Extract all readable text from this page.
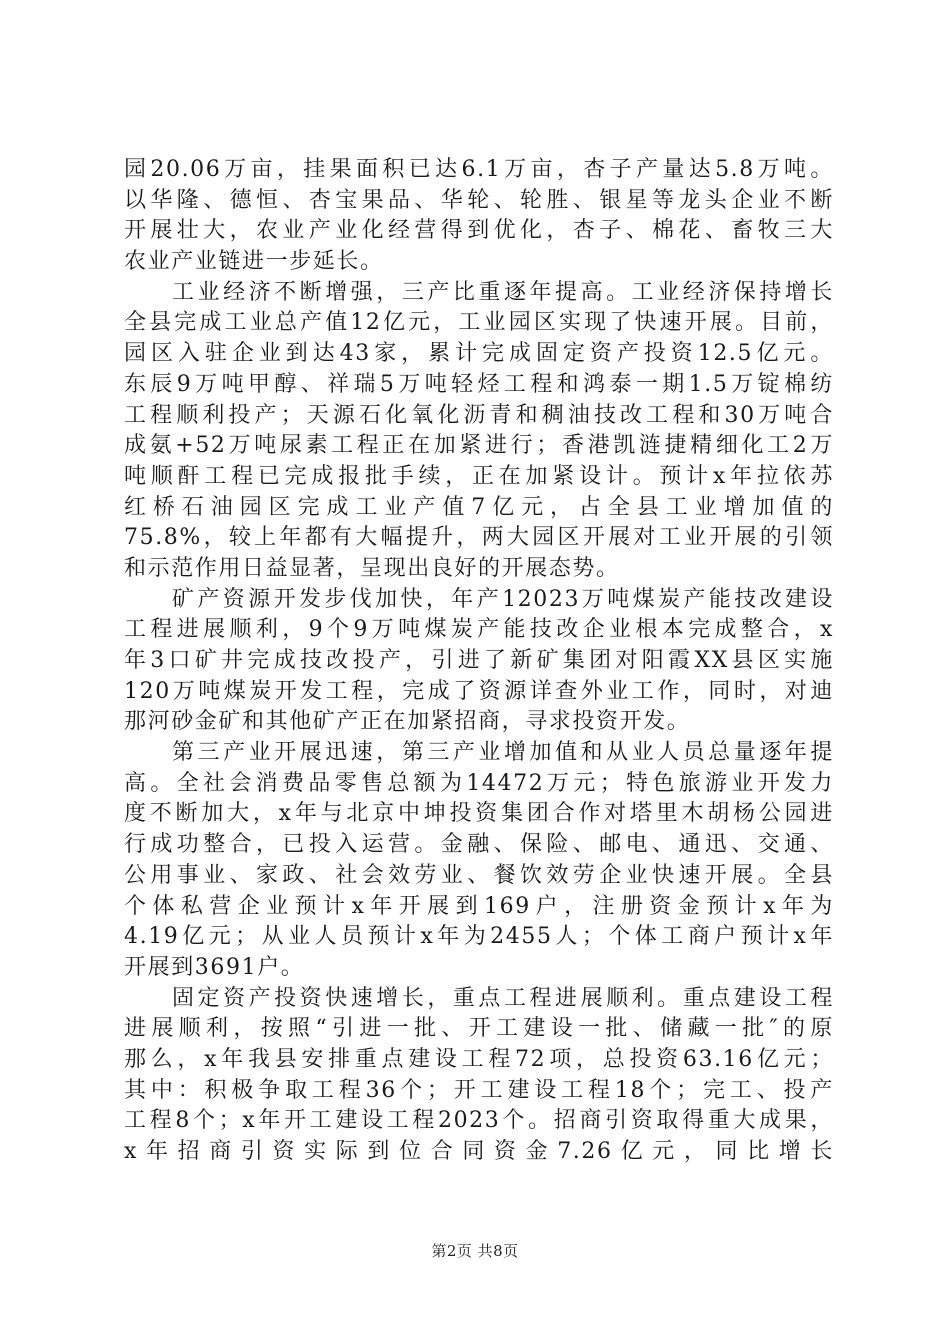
园20.06万亩，挂果面积已达6.1万亩，杏子产量达5.8万吨。
以华隆、德恒、杏宝果品、华轮、轮胜、银星等龙头企业不断
开展壮大，农业产业化经营得到优化，杏子、棉花、畜牧三大
农业产业链进一步延长。
工业经济不断增强，三产比重逐年提高。工业经济保持增长
全县完成工业总产值12亿元，工业园区实现了快速开展。目前，
园区入驻企业到达43家，累计完成固定资产投资12.5亿元。
东辰9万吨甲醇、祥瑞5万吨轻烃工程和鸿泰一期1.5万锭棉纺
工程顺利投产；天源石化氧化沥青和稠油技改工程和30万吨合
成氨+52万吨尿素工程正在加紧进行；香港凯涟捷精细化工2万
吨顺酐工程已完成报批手续，正在加紧设计。预计x年拉依苏
红桥石油园区完成工业产值7亿元，占全县工业增加值的
75.8%，较上年都有大幅提升，两大园区开展对工业开展的引领
和示范作用日益显著，呈现出良好的开展态势。
矿产资源开发步伐加快，年产12023万吨煤炭产能技改建设
工程进展顺利，9个9万吨煤炭产能技改企业根本完成整合，x
年3口矿井完成技改投产，引进了新矿集团对阳霞XX县区实施
120万吨煤炭开发工程，完成了资源详查外业工作，同时，对迪
那河砂金矿和其他矿产正在加紧招商，寻求投资开发。
第三产业开展迅速，第三产业增加值和从业人员总量逐年提
高。全社会消费品零售总额为14472万元；特色旅游业开发力
度不断加大，x年与北京中坤投资集团合作对塔里木胡杨公园进
行成功整合，已投入运营。金融、保险、邮电、通迅、交通、
公用事业、家政、社会效劳业、餐饮效劳企业快速开展。全县
个体私营企业预计x年开展到169户，注册资金预计x年为
4.19亿元；从业人员预计x年为2455人；个体工商户预计x年
开展到3691户。
固定资产投资快速增长，重点工程进展顺利。重点建设工程
进展顺利，按照“引进一批、开工建设一批、储藏一批″的原
那么，x年我县安排重点建设工程72项，总投资63.16亿元；
其中：积极争取工程36个；开工建设工程18个；完工、投产
工程8个；x年开工建设工程2023个。招商引资取得重大成果，
x年招商引资实际到位合同资金7.26亿元，同比增长
第2页 共8页
